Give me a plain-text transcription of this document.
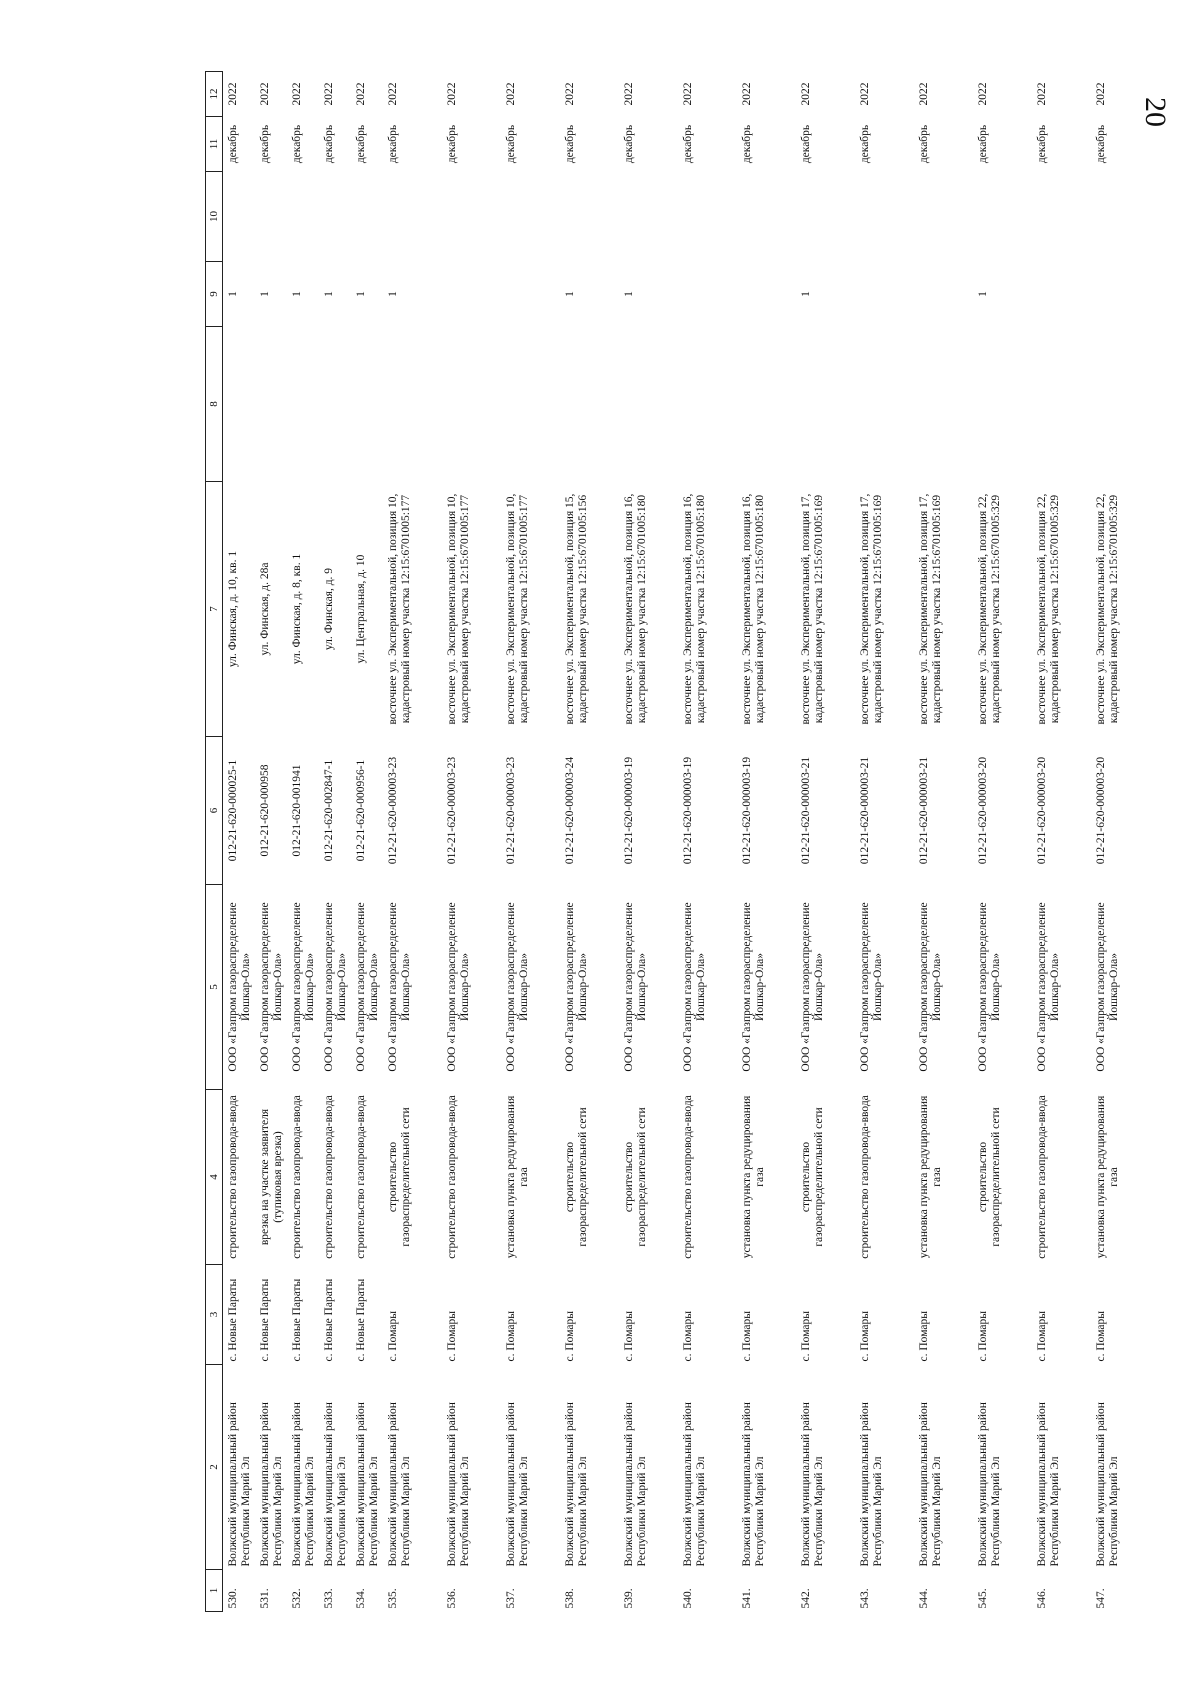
20
1	2	3	4	5	6	7	8	9	10	11	12
530.	Волжский муниципальный район Республики Марий Эл	с. Новые Параты	строительство газопровода-ввода	ООО «Газпром газораспределение Йошкар-Ола»	012-21-620-000025-1	ул. Финская, д. 10, кв. 1		1		декабрь	2022
531.	Волжский муниципальный район Республики Марий Эл	с. Новые Параты	врезка на участке заявителя (тупиковая врезка)	ООО «Газпром газораспределение Йошкар-Ола»	012-21-620-000958	ул. Финская, д. 28а		1		декабрь	2022
532.	Волжский муниципальный район Республики Марий Эл	с. Новые Параты	строительство газопровода-ввода	ООО «Газпром газораспределение Йошкар-Ола»	012-21-620-001941	ул. Финская, д. 8, кв. 1		1		декабрь	2022
533.	Волжский муниципальный район Республики Марий Эл	с. Новые Параты	строительство газопровода-ввода	ООО «Газпром газораспределение Йошкар-Ола»	012-21-620-002847-1	ул. Финская, д. 9		1		декабрь	2022
534.	Волжский муниципальный район Республики Марий Эл	с. Новые Параты	строительство газопровода-ввода	ООО «Газпром газораспределение Йошкар-Ола»	012-21-620-000956-1	ул. Центральная, д. 10		1		декабрь	2022
535.	Волжский муниципальный район Республики Марий Эл	с. Помары	строительство газораспределительной сети	ООО «Газпром газораспределение Йошкар-Ола»	012-21-620-000003-23	восточнее ул. Экспериментальной, позиция 10, кадастровый номер участка 12:15:6701005:177		1		декабрь	2022
536.	Волжский муниципальный район Республики Марий Эл	с. Помары	строительство газопровода-ввода	ООО «Газпром газораспределение Йошкар-Ола»	012-21-620-000003-23	восточнее ул. Экспериментальной, позиция 10, кадастровый номер участка 12:15:6701005:177				декабрь	2022
537.	Волжский муниципальный район Республики Марий Эл	с. Помары	установка пункта редуцирования газа	ООО «Газпром газораспределение Йошкар-Ола»	012-21-620-000003-23	восточнее ул. Экспериментальной, позиция 10, кадастровый номер участка 12:15:6701005:177				декабрь	2022
538.	Волжский муниципальный район Республики Марий Эл	с. Помары	строительство газораспределительной сети	ООО «Газпром газораспределение Йошкар-Ола»	012-21-620-000003-24	восточнее ул. Экспериментальной, позиция 15, кадастровый номер участка 12:15:6701005:156		1		декабрь	2022
539.	Волжский муниципальный район Республики Марий Эл	с. Помары	строительство газораспределительной сети	ООО «Газпром газораспределение Йошкар-Ола»	012-21-620-000003-19	восточнее ул. Экспериментальной, позиция 16, кадастровый номер участка 12:15:6701005:180		1		декабрь	2022
540.	Волжский муниципальный район Республики Марий Эл	с. Помары	строительство газопровода-ввода	ООО «Газпром газораспределение Йошкар-Ола»	012-21-620-000003-19	восточнее ул. Экспериментальной, позиция 16, кадастровый номер участка 12:15:6701005:180				декабрь	2022
541.	Волжский муниципальный район Республики Марий Эл	с. Помары	установка пункта редуцирования газа	ООО «Газпром газораспределение Йошкар-Ола»	012-21-620-000003-19	восточнее ул. Экспериментальной, позиция 16, кадастровый номер участка 12:15:6701005:180				декабрь	2022
542.	Волжский муниципальный район Республики Марий Эл	с. Помары	строительство газораспределительной сети	ООО «Газпром газораспределение Йошкар-Ола»	012-21-620-000003-21	восточнее ул. Экспериментальной, позиция 17, кадастровый номер участка 12:15:6701005:169		1		декабрь	2022
543.	Волжский муниципальный район Республики Марий Эл	с. Помары	строительство газопровода-ввода	ООО «Газпром газораспределение Йошкар-Ола»	012-21-620-000003-21	восточнее ул. Экспериментальной, позиция 17, кадастровый номер участка 12:15:6701005:169				декабрь	2022
544.	Волжский муниципальный район Республики Марий Эл	с. Помары	установка пункта редуцирования газа	ООО «Газпром газораспределение Йошкар-Ола»	012-21-620-000003-21	восточнее ул. Экспериментальной, позиция 17, кадастровый номер участка 12:15:6701005:169				декабрь	2022
545.	Волжский муниципальный район Республики Марий Эл	с. Помары	строительство газораспределительной сети	ООО «Газпром газораспределение Йошкар-Ола»	012-21-620-000003-20	восточнее ул. Экспериментальной, позиция 22, кадастровый номер участка 12:15:6701005:329		1		декабрь	2022
546.	Волжский муниципальный район Республики Марий Эл	с. Помары	строительство газопровода-ввода	ООО «Газпром газораспределение Йошкар-Ола»	012-21-620-000003-20	восточнее ул. Экспериментальной, позиция 22, кадастровый номер участка 12:15:6701005:329				декабрь	2022
547.	Волжский муниципальный район Республики Марий Эл	с. Помары	установка пункта редуцирования газа	ООО «Газпром газораспределение Йошкар-Ола»	012-21-620-000003-20	восточнее ул. Экспериментальной, позиция 22, кадастровый номер участка 12:15:6701005:329				декабрь	2022
